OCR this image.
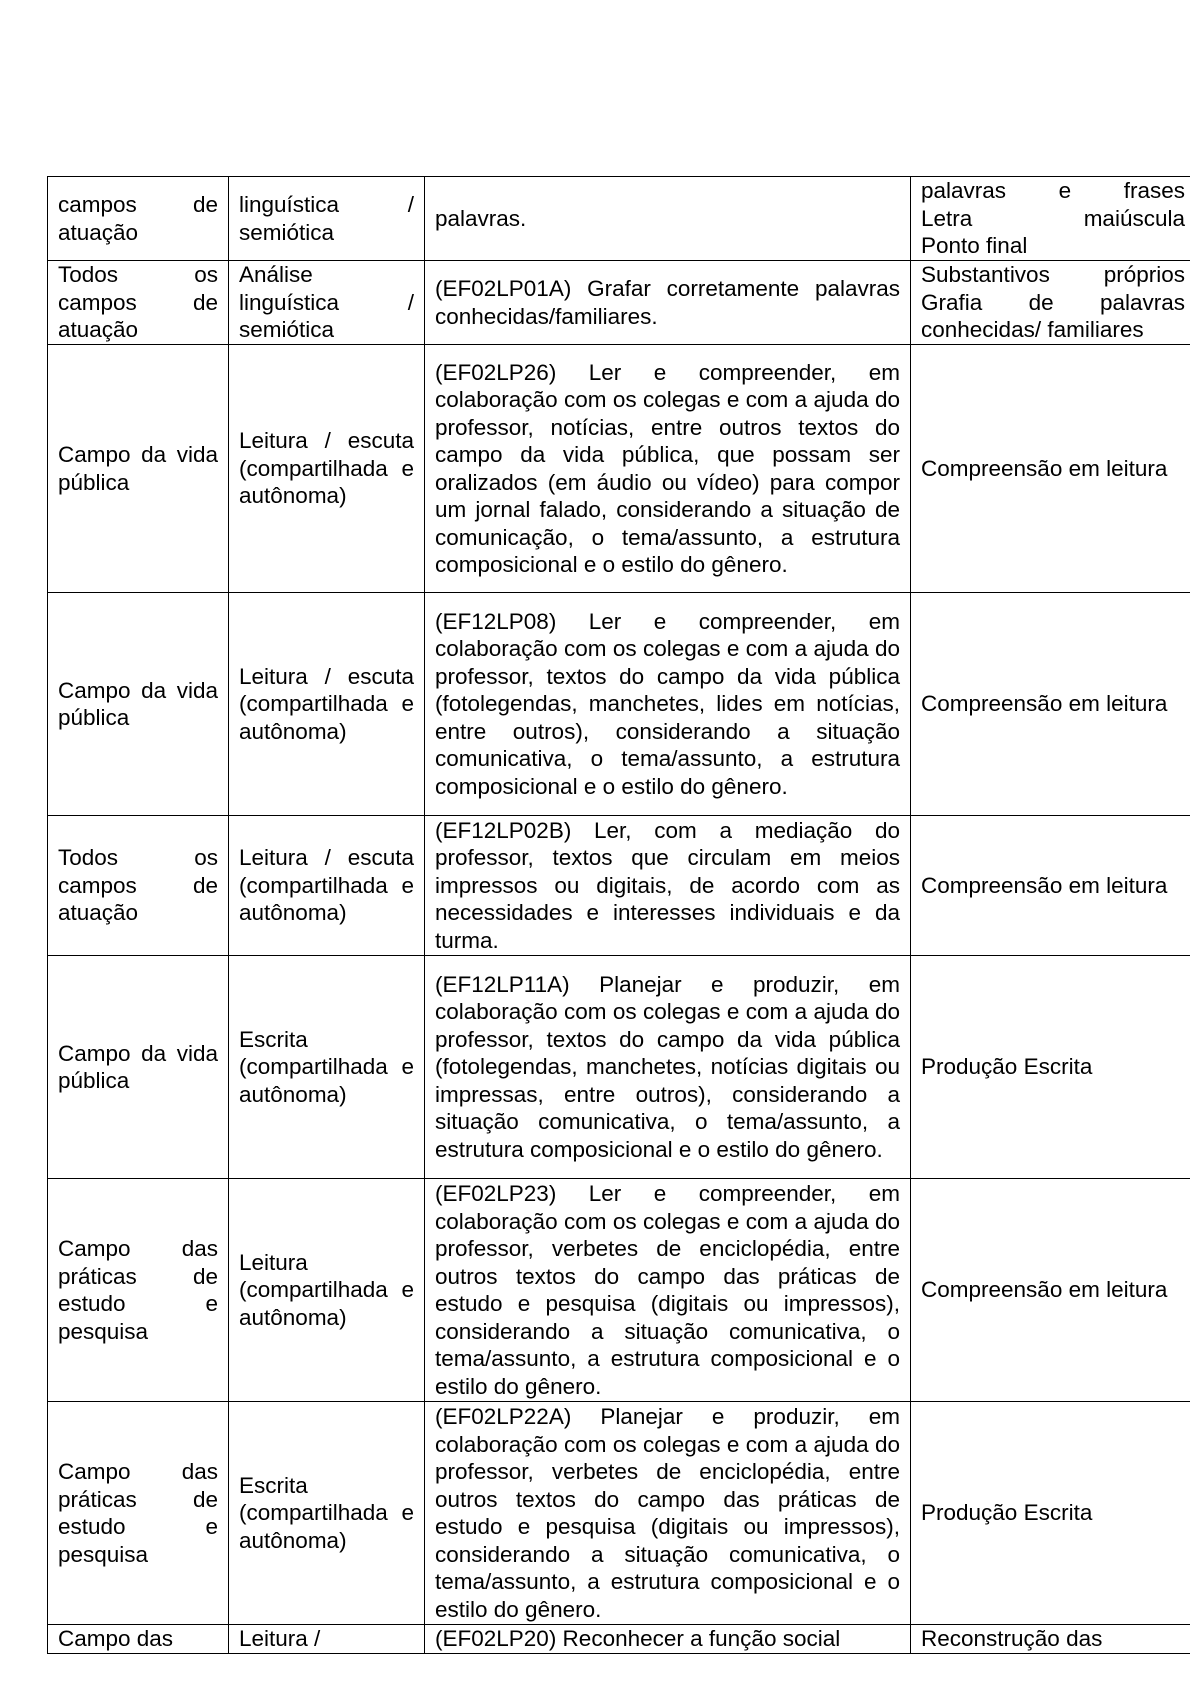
campos de atuação	linguística / semiótica	palavras.	palavras e frases
Letra maiúscula
Ponto final

Todos os campos de atuação	Análise linguística / semiótica	(EF02LP01A) Grafar corretamente palavras conhecidas/familiares.	Substantivos próprios
Grafia de palavras
conhecidas/ familiares

Campo da vida pública	Leitura / escuta (compartilhada e autônoma)	(EF02LP26) Ler e compreender, em colaboração com os colegas e com a ajuda do professor, notícias, entre outros textos do campo da vida pública, que possam ser oralizados (em áudio ou vídeo) para compor um jornal falado, considerando a situação de comunicação, o tema/assunto, a estrutura composicional e o estilo do gênero.	Compreensão em leitura
Campo da vida pública	Leitura / escuta (compartilhada e autônoma)	(EF12LP08) Ler e compreender, em colaboração com os colegas e com a ajuda do professor, textos do campo da vida pública (fotolegendas, manchetes, lides em notícias, entre outros), considerando a situação comunicativa, o tema/assunto, a estrutura composicional e o estilo do gênero.	Compreensão em leitura
Todos os campos de atuação	Leitura / escuta (compartilhada e autônoma)	(EF12LP02B) Ler, com a mediação do professor, textos que circulam em meios impressos ou digitais, de acordo com as necessidades e interesses individuais e da turma.	Compreensão em leitura
Campo da vida pública	Escrita (compartilhada e autônoma)	(EF12LP11A) Planejar e produzir, em colaboração com os colegas e com a ajuda do professor, textos do campo da vida pública (fotolegendas, manchetes, notícias digitais ou impressas, entre outros), considerando a situação comunicativa, o tema/assunto, a estrutura composicional e o estilo do gênero.	Produção Escrita
Campo das práticas de estudo e pesquisa	Leitura (compartilhada e autônoma)	(EF02LP23) Ler e compreender, em colaboração com os colegas e com a ajuda do professor, verbetes de enciclopédia, entre outros textos do campo das práticas de estudo e pesquisa (digitais ou impressos), considerando a situação comunicativa, o tema/assunto, a estrutura composicional e o estilo do gênero.	Compreensão em leitura
Campo das práticas de estudo e pesquisa	Escrita (compartilhada e autônoma)	(EF02LP22A) Planejar e produzir, em colaboração com os colegas e com a ajuda do professor, verbetes de enciclopédia, entre outros textos do campo das práticas de estudo e pesquisa (digitais ou impressos), considerando a situação comunicativa, o tema/assunto, a estrutura composicional e o estilo do gênero.	Produção Escrita
Campo das	Leitura /	(EF02LP20) Reconhecer a função social	Reconstrução das
